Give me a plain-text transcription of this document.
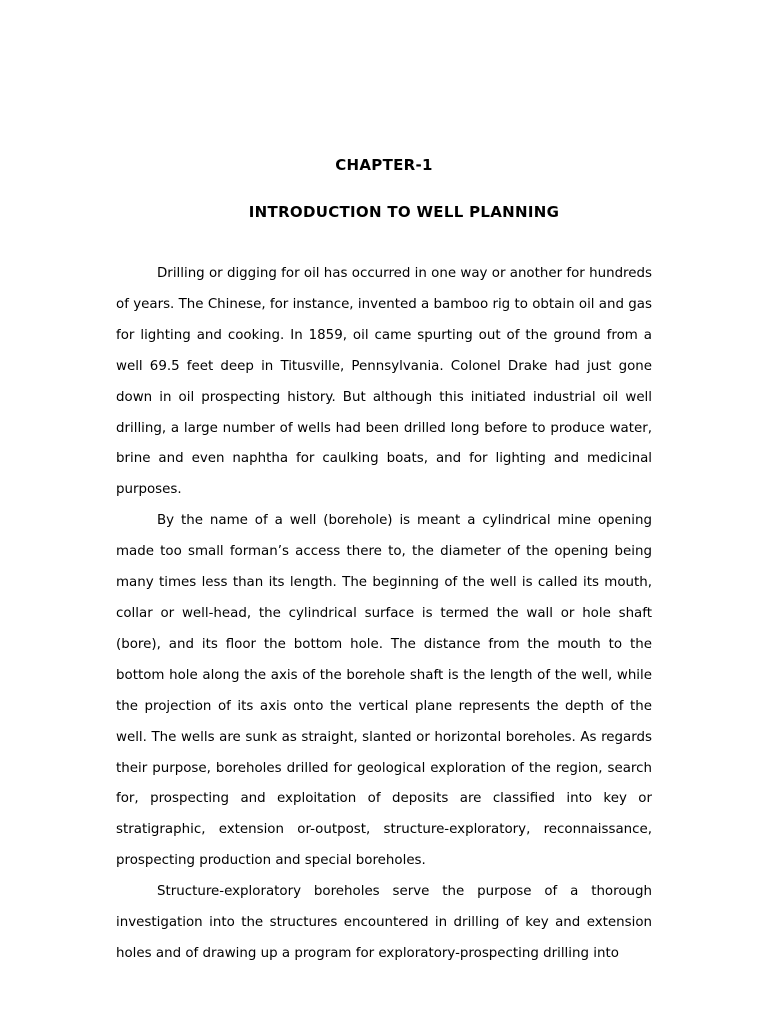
CHAPTER-1
INTRODUCTION TO WELL PLANNING

Drilling or digging for oil has occurred in one way or another for hundreds of years. The Chinese, for instance, invented a bamboo rig to obtain oil and gas for lighting and cooking. In 1859, oil came spurting out of the ground from a well 69.5 feet deep in Titusville, Pennsylvania. Colonel Drake had just gone down in oil prospecting history. But although this initiated industrial oil well drilling, a large number of wells had been drilled long before to produce water, brine and even naphtha for caulking boats, and for lighting and medicinal purposes.

By the name of a well (borehole) is meant a cylindrical mine opening made too small forman’s access there to, the diameter of the opening being many times less than its length. The beginning of the well is called its mouth, collar or well-head, the cylindrical surface is termed the wall or hole shaft (bore), and its floor the bottom hole. The distance from the mouth to the bottom hole along the axis of the borehole shaft is the length of the well, while the projection of its axis onto the vertical plane represents the depth of the well. The wells are sunk as straight, slanted or horizontal boreholes. As regards their purpose, boreholes drilled for geological exploration of the region, search for, prospecting and exploitation of deposits are classified into key or stratigraphic, extension or-outpost, structure-exploratory, reconnaissance, prospecting production and special boreholes.

Structure-exploratory boreholes serve the purpose of a thorough investigation into the structures encountered in drilling of key and extension holes and of drawing up a program for exploratory-prospecting drilling into
